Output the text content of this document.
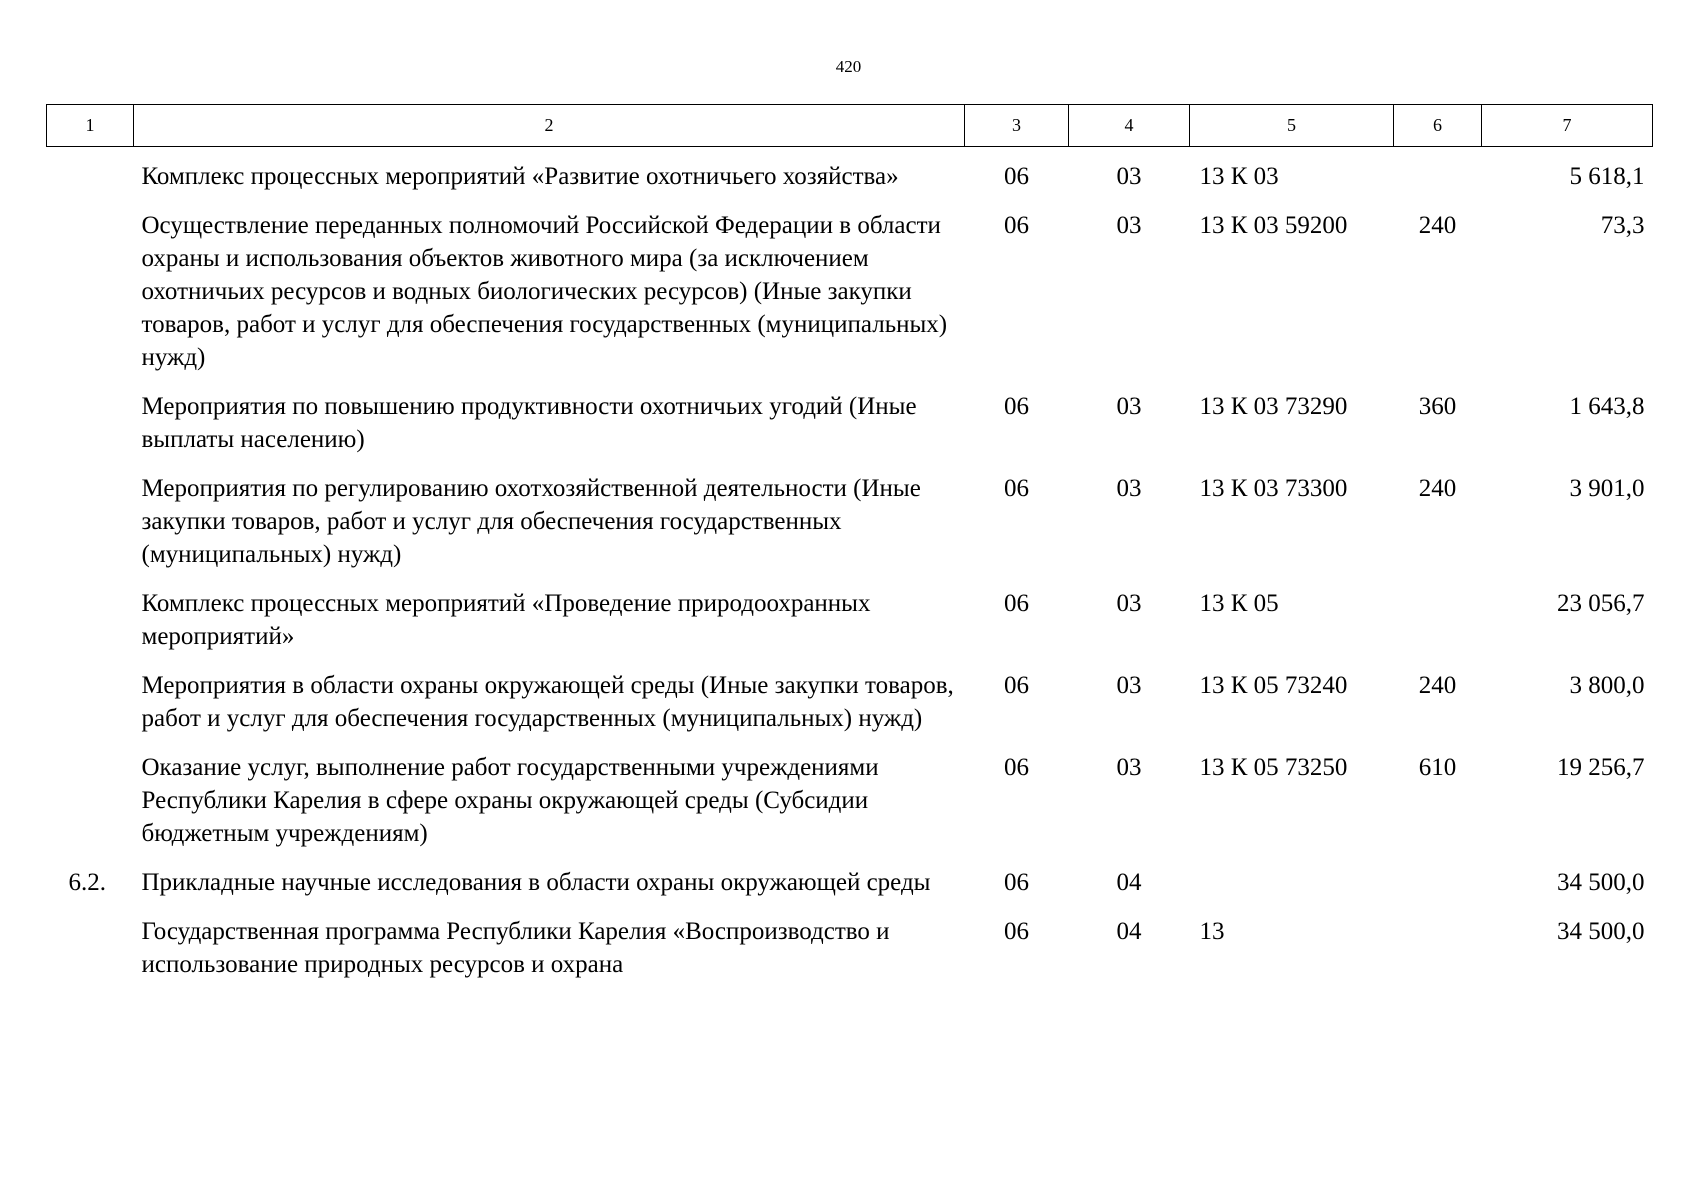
420
1	2	3	4	5	6	7
	Комплекс процессных мероприятий «Развитие охотничьего хозяйства»	06	03	13 К 03		5 618,1
	Осуществление переданных полномочий Российской Федерации в области охраны и использования объектов животного мира (за исключением охотничьих ресурсов и водных биологических ресурсов) (Иные закупки товаров, работ и услуг для обеспечения государственных (муниципальных) нужд)	06	03	13 К 03 59200	240	73,3
	Мероприятия по повышению продуктивности охотничьих угодий (Иные выплаты населению)	06	03	13 К 03 73290	360	1 643,8
	Мероприятия по регулированию охотхозяйственной деятельности (Иные закупки товаров, работ и услуг для обеспечения государственных (муниципальных) нужд)	06	03	13 К 03 73300	240	3 901,0
	Комплекс процессных мероприятий «Проведение природоохранных мероприятий»	06	03	13 К 05		23 056,7
	Мероприятия в области охраны окружающей среды (Иные закупки товаров, работ и услуг для обеспечения государственных (муниципальных) нужд)	06	03	13 К 05 73240	240	3 800,0
	Оказание услуг, выполнение работ государственными учреждениями Республики Карелия в сфере охраны окружающей среды (Субсидии бюджетным учреждениям)	06	03	13 К 05 73250	610	19 256,7
6.2.	Прикладные научные исследования в области охраны окружающей среды	06	04			34 500,0
	Государственная программа Республики Карелия «Воспроизводство и использование природных ресурсов и охрана	06	04	13		34 500,0
